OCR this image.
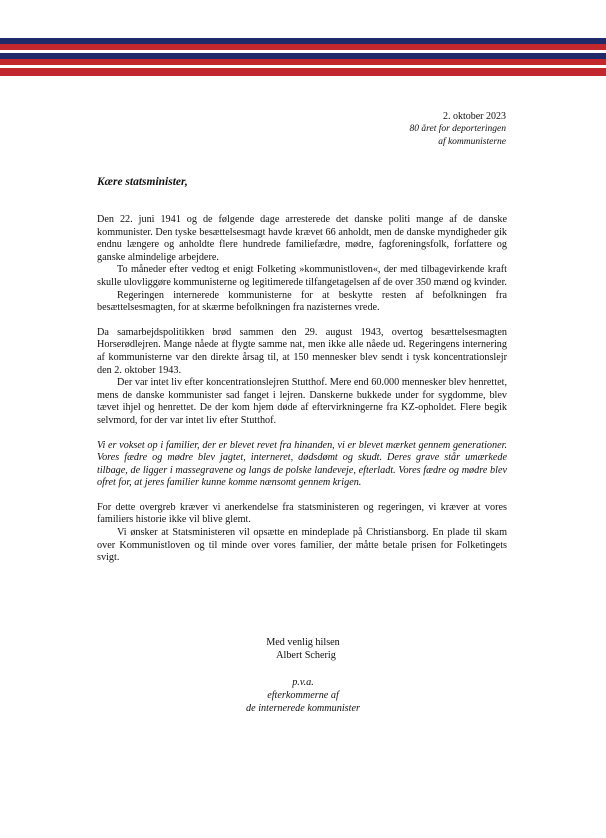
2. oktober 2023
80 året for deporteringen
af kommunisterne
Kære statsminister,

Den 22. juni 1941 og de følgende dage arresterede det danske politi mange af de danske kommunister. Den tyske besættelsesmagt havde krævet 66 anholdt, men de danske myndigheder gik endnu længere og anholdte flere hundrede familiefædre, mødre, fagforeningsfolk, forfattere og ganske almindelige arbejdere.

To måneder efter vedtog et enigt Folketing »kommunistloven«, der med tilbagevirkende kraft skulle ulovliggøre kommunisterne og legitimerede tilfangetagelsen af de over 350 mænd og kvinder.

Regeringen internerede kommunisterne for at beskytte resten af befolkningen fra besættelsesmagten, for at skærme befolkningen fra nazisternes vrede.

Da samarbejdspolitikken brød sammen den 29. august 1943, overtog besættelsesmagten Horserødlejren. Mange nåede at flygte samme nat, men ikke alle nåede ud. Regeringens internering af kommunisterne var den direkte årsag til, at 150 mennesker blev sendt i tysk koncentrationslejr den 2. oktober 1943.

Der var intet liv efter koncentrationslejren Stutthof. Mere end 60.000 mennesker blev henrettet, mens de danske kommunister sad fanget i lejren. Danskerne bukkede under for sygdomme, blev tævet ihjel og henrettet. De der kom hjem døde af eftervirkningerne fra KZ-opholdet. Flere begik selvmord, for der var intet liv efter Stutthof.

Vi er vokset op i familier, der er blevet revet fra hinanden, vi er blevet mærket gennem generationer. Vores fædre og mødre blev jagtet, interneret, dødsdømt og skudt. Deres grave står umærkede tilbage, de ligger i massegravene og langs de polske landeveje, efterladt. Vores fædre og mødre blev ofret for, at jeres familier kunne komme nænsomt gennem krigen.

For dette overgreb kræver vi anerkendelse fra statsministeren og regeringen, vi kræver at vores familiers historie ikke vil blive glemt.

Vi ønsker at Statsministeren vil opsætte en mindeplade på Christiansborg. En plade til skam over Kommunistloven og til minde over vores familier, der måtte betale prisen for Folketingets svigt.

Med venlig hilsen
Albert Scherig
p.v.a.
efterkommerne af
de internerede kommunister
